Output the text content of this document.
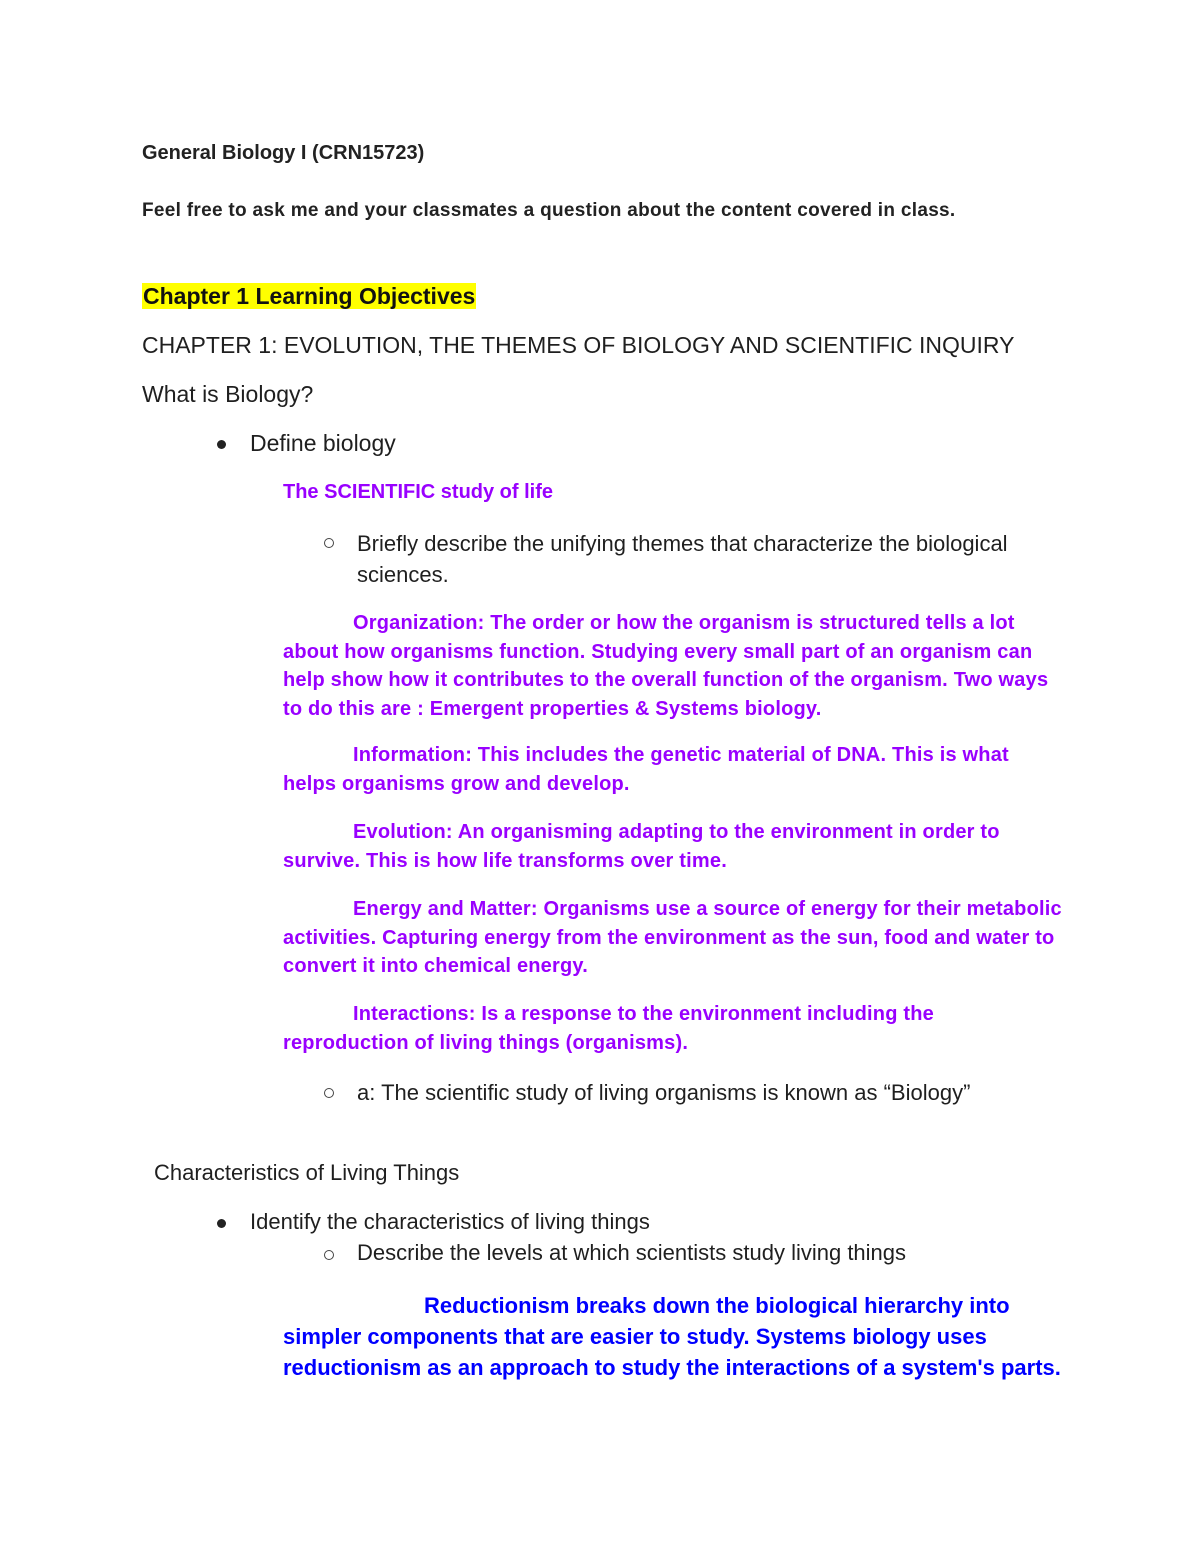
General Biology I (CRN15723)

Feel free to ask me and your classmates a question about the content covered in class.

Chapter 1 Learning Objectives

CHAPTER 1: EVOLUTION, THE THEMES OF BIOLOGY AND SCIENTIFIC INQUIRY

What is Biology?

Define biology

The SCIENTIFIC study of life

Briefly describe the unifying themes that characterize the biological sciences.

Organization: The order or how the organism is structured tells a lot about how organisms function. Studying every small part of an organism can help show how it contributes to the overall function of the organism. Two ways to do this are : Emergent properties & Systems biology.

Information: This includes the genetic material of DNA. This is what helps organisms grow and develop.

Evolution: An organisming adapting to the environment in order to survive. This is how life transforms over time.

Energy and Matter: Organisms use a source of energy for their metabolic activities. Capturing energy from the environment as the sun, food and water to convert it into chemical energy.

Interactions: Is a response to the environment including the reproduction of living things (organisms).

a: The scientific study of living organisms is known as “Biology”

Characteristics of Living Things

Identify the characteristics of living things

Describe the levels at which scientists study living things

Reductionism breaks down the biological hierarchy into simpler components that are easier to study. Systems biology uses reductionism as an approach to study the interactions of a system's parts.
